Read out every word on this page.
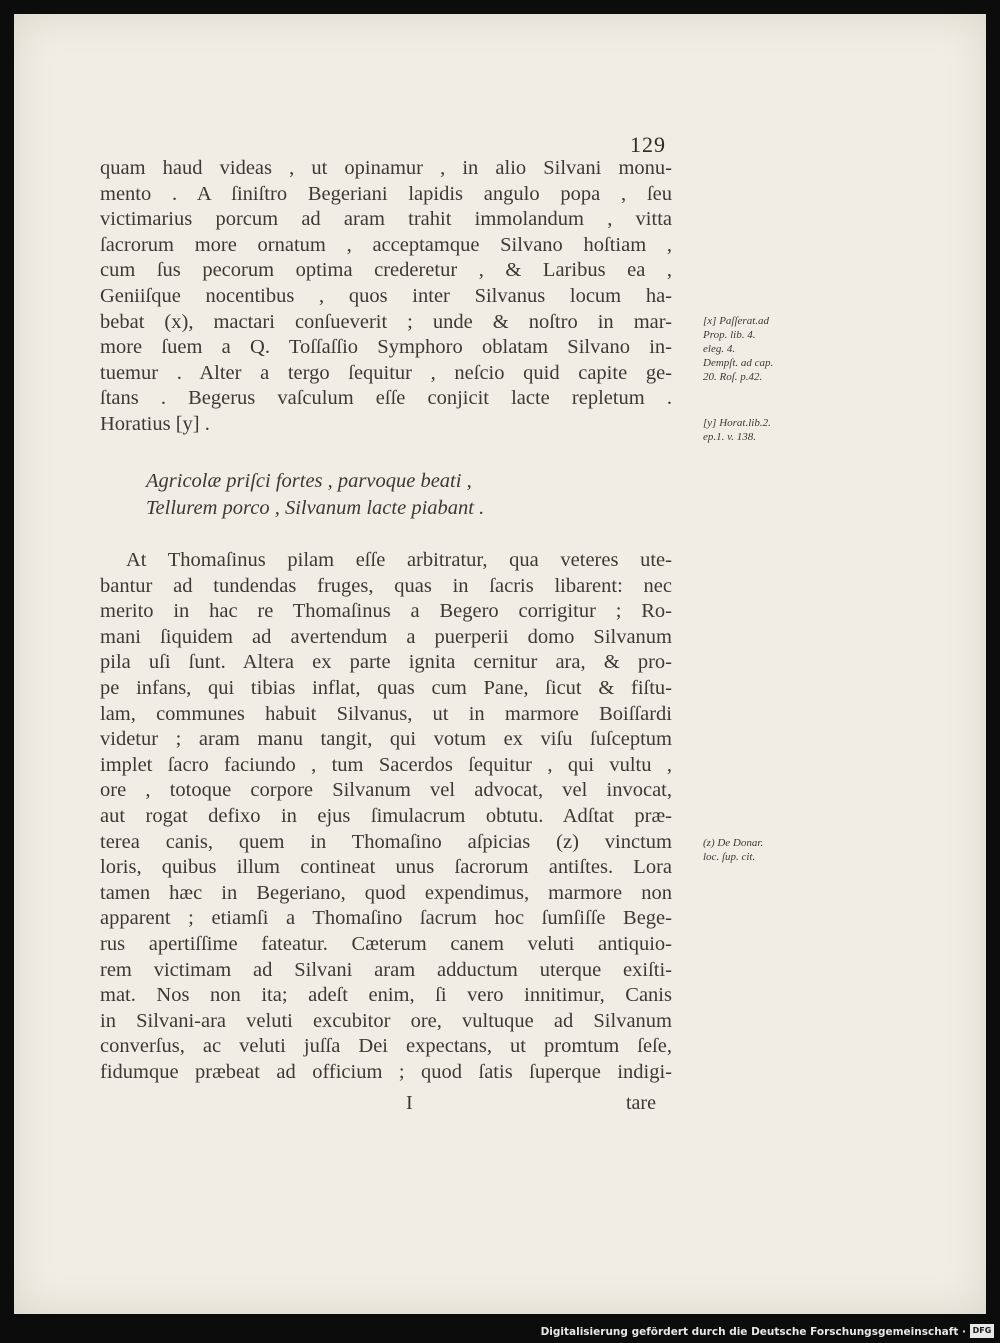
129
quam haud videas , ut opinamur , in alio Silvani monu-
mento . A ſiniſtro Begeriani lapidis angulo popa , ſeu
victimarius porcum ad aram trahit immolandum , vitta
ſacrorum more ornatum , acceptamque Silvano hoſtiam ,
cum ſus pecorum optima crederetur , & Laribus ea ,
Geniiſque nocentibus , quos inter Silvanus locum ha-
bebat (x), mactari conſueverit ; unde & noſtro in mar-
more ſuem a Q. Toſſaſſio Symphoro oblatam Silvano in-
tuemur . Alter a tergo ſequitur , neſcio quid capite ge-
ſtans . Begerus vaſculum eſſe conjicit lacte repletum .
Horatius [y] .
Agricolæ priſci fortes , parvoque beati ,
Tellurem porco , Silvanum lacte piabant .
At Thomaſinus pilam eſſe arbitratur, qua veteres ute-
bantur ad tundendas fruges, quas in ſacris libarent: nec
merito in hac re Thomaſinus a Begero corrigitur ; Ro-
mani ſiquidem ad avertendum a puerperii domo Silvanum
pila uſi ſunt. Altera ex parte ignita cernitur ara, & pro-
pe infans, qui tibias inflat, quas cum Pane, ſicut & fiſtu-
lam, communes habuit Silvanus, ut in marmore Boiſſardi
videtur ; aram manu tangit, qui votum ex viſu ſuſceptum
implet ſacro faciundo , tum Sacerdos ſequitur , qui vultu ,
ore , totoque corpore Silvanum vel advocat, vel invocat,
aut rogat defixo in ejus ſimulacrum obtutu. Adſtat præ-
terea canis, quem in Thomaſino aſpicias (z) vinctum
loris, quibus illum contineat unus ſacrorum antiſtes. Lora
tamen hæc in Begeriano, quod expendimus, marmore non
apparent ; etiamſi a Thomaſino ſacrum hoc ſumſiſſe Bege-
rus apertiſſime fateatur. Cæterum canem veluti antiquio-
rem victimam ad Silvani aram adductum uterque exiſti-
mat. Nos non ita; adeſt enim, ſi vero innitimur, Canis
in Silvani-ara veluti excubitor ore, vultuque ad Silvanum
converſus, ac veluti juſſa Dei expectans, ut promtum ſeſe,
fidumque præbeat ad officium ; quod ſatis ſuperque indigi-
[x] Paſſerat.ad
Prop. lib. 4.
eleg. 4.
Dempſt. ad cap.
20. Roſ. p.42.
[y] Horat.lib.2.
ep.1. v. 138.
(z) De Donar.
loc. ſup. cit.
I	tare
Digitalisierung gefördert durch die Deutsche Forschungsgemeinschaft · DFG
